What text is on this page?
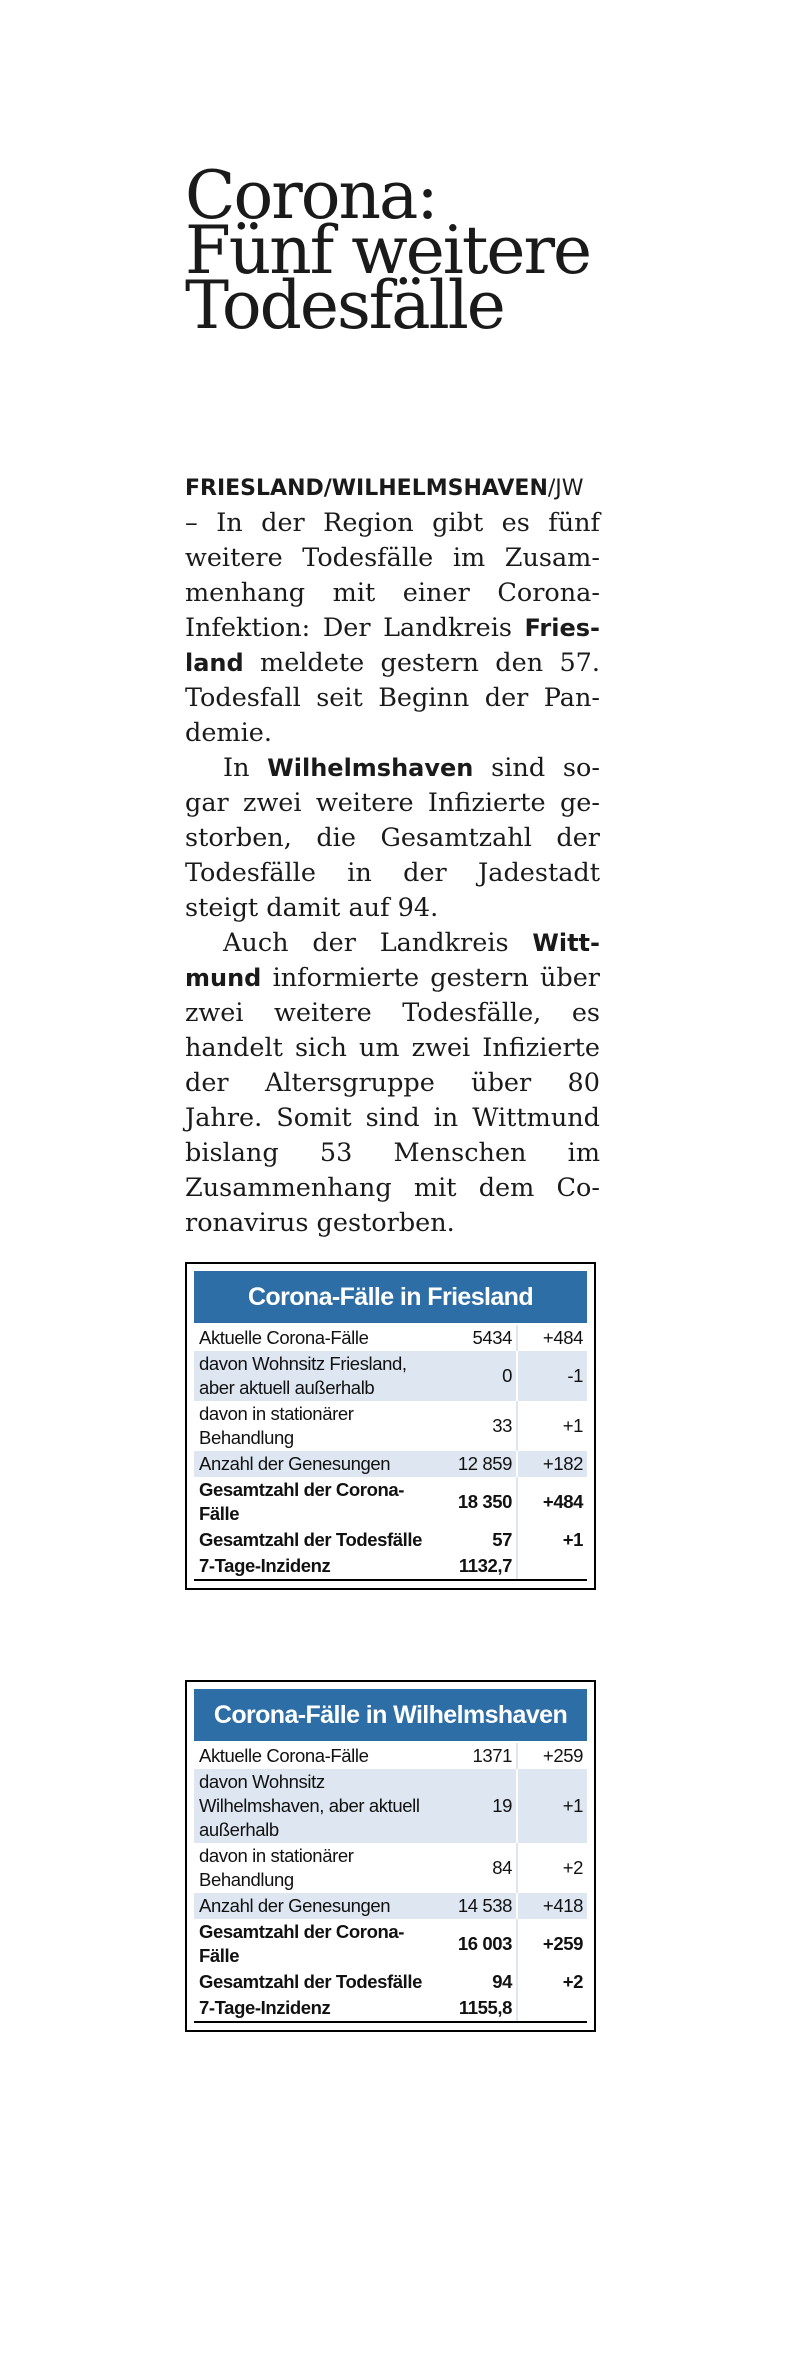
Corona:
Fünf weitere
Todesfälle

FRIESLAND/WILHELMSHAVEN/JW – In der Region gibt es fünf weitere Todesfälle im Zusammenhang mit einer Corona-Infektion: Der Landkreis Friesland meldete gestern den 57. Todesfall seit Beginn der Pandemie.

In Wilhelmshaven sind sogar zwei weitere Infizierte gestorben, die Gesamtzahl der Todesfälle in der Jadestadt steigt damit auf 94.

Auch der Landkreis Wittmund informierte gestern über zwei weitere Todesfälle, es handelt sich um zwei Infizierte der Altersgruppe über 80 Jahre. Somit sind in Wittmund bislang 53 Menschen im Zusammenhang mit dem Coronavirus gestorben.

Corona-Fälle in Friesland
Aktuelle Corona-Fälle	5434	+484
davon Wohnsitz Friesland, aber aktuell außerhalb	0	-1
davon in stationärer Behandlung	33	+1
Anzahl der Genesungen	12 859	+182
Gesamtzahl der Corona-Fälle	18 350	+484
Gesamtzahl der Todesfälle	57	+1
7-Tage-Inzidenz	1132,7	
Corona-Fälle in Wilhelmshaven
Aktuelle Corona-Fälle	1371	+259
davon Wohnsitz Wilhelmshaven, aber aktuell außerhalb	19	+1
davon in stationärer Behandlung	84	+2
Anzahl der Genesungen	14 538	+418
Gesamtzahl der Corona-Fälle	16 003	+259
Gesamtzahl der Todesfälle	94	+2
7-Tage-Inzidenz	1155,8	
